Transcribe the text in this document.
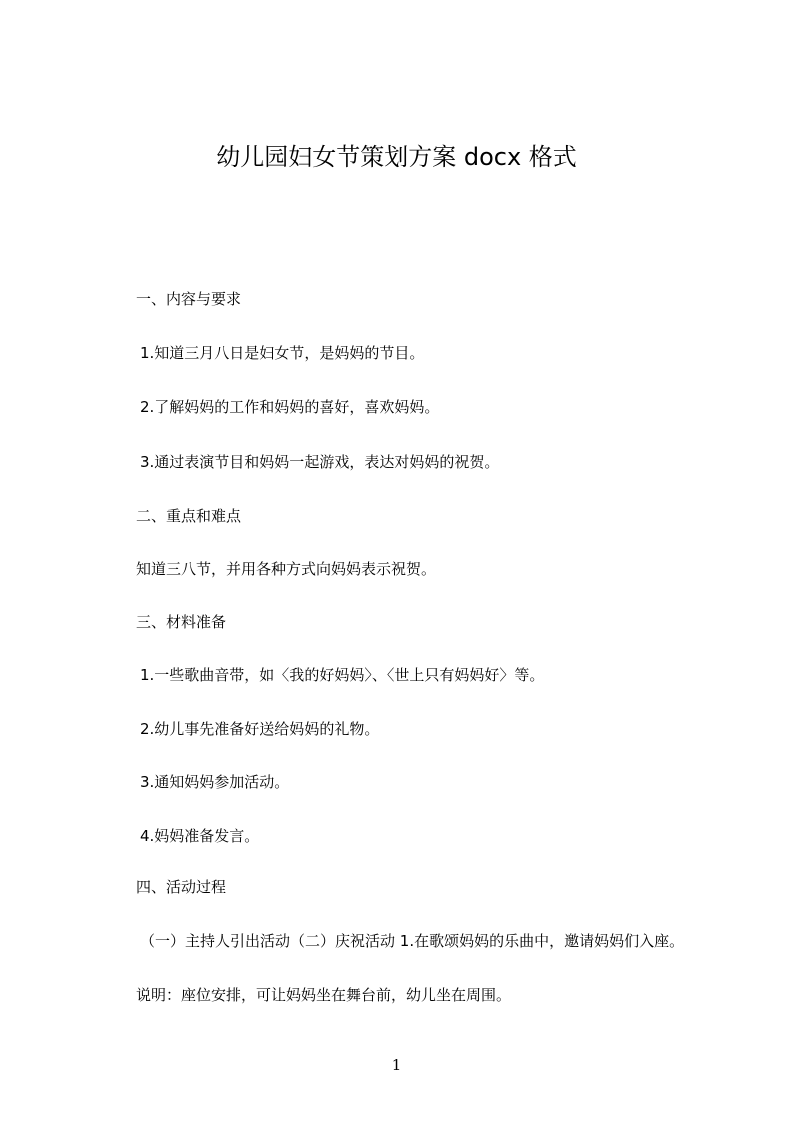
幼儿园妇女节策划方案 docx 格式
一、内容与要求
1.知道三月八日是妇女节，是妈妈的节目。
2.了解妈妈的工作和妈妈的喜好，喜欢妈妈。
3.通过表演节目和妈妈一起游戏，表达对妈妈的祝贺。
二、重点和难点
知道三八节，并用各种方式向妈妈表示祝贺。
三、材料准备
1.一些歌曲音带，如〈我的好妈妈〉、〈世上只有妈妈好〉等。
2.幼儿事先准备好送给妈妈的礼物。
3.通知妈妈参加活动。
4.妈妈准备发言。
四、活动过程
（一）主持人引出活动（二）庆祝活动 1.在歌颂妈妈的乐曲中，邀请妈妈们入座。
说明：座位安排，可让妈妈坐在舞台前，幼儿坐在周围。
1
